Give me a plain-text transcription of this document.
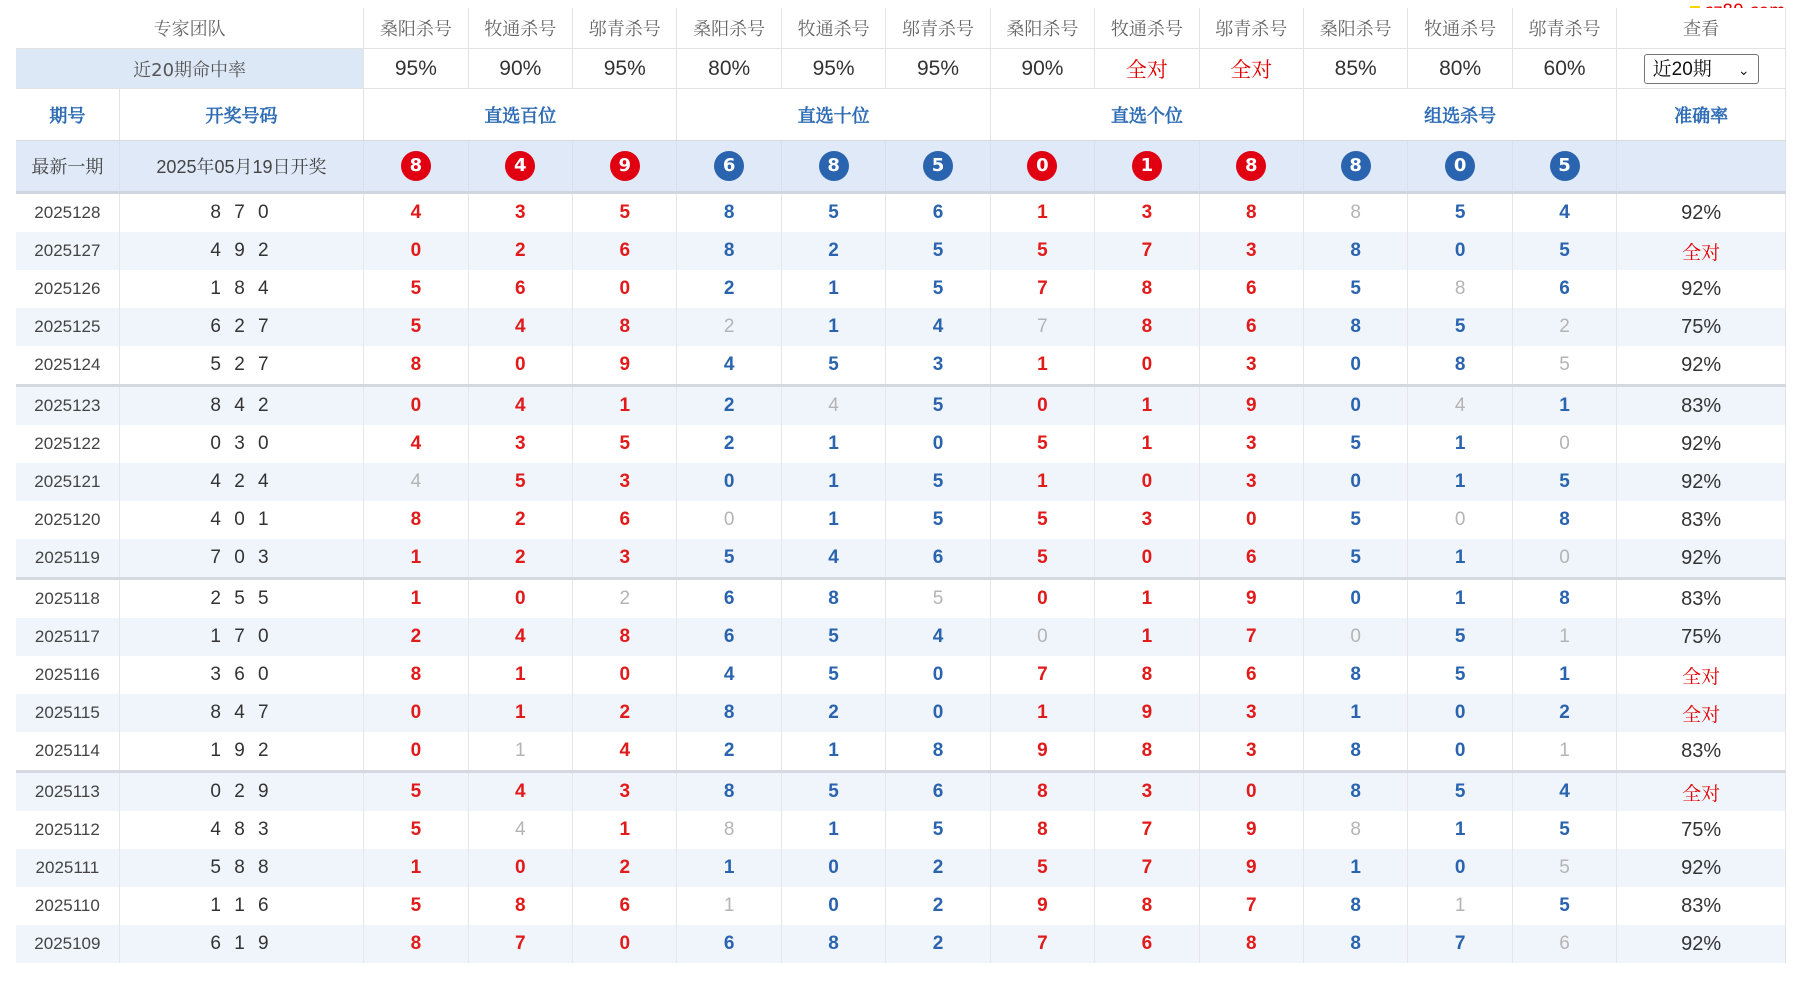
专家团队		桑阳杀号	牧通杀号	邬青杀号	桑阳杀号	牧通杀号	邬青杀号	桑阳杀号	牧通杀号	邬青杀号	桑阳杀号	牧通杀号	邬青杀号	查看
近20期命中率		95%	90%	95%	80%	95%	95%	90%	全对	全对	85%	80%	60%	近20期 ⌄

期号	开奖号码	直选百位			直选十位			直选个位			组选杀号			准确率
最新一期	2025年05月19日开奖	8	4	9	6	8	5	0	1	8	8	0	5	
2025128	8 7 0	4	3	5	8	5	6	1	3	8	8	5	4	92%
2025127	4 9 2	0	2	6	8	2	5	5	7	3	8	0	5	全对
2025126	1 8 4	5	6	0	2	1	5	7	8	6	5	8	6	92%
2025125	6 2 7	5	4	8	2	1	4	7	8	6	8	5	2	75%
2025124	5 2 7	8	0	9	4	5	3	1	0	3	0	8	5	92%
2025123	8 4 2	0	4	1	2	4	5	0	1	9	0	4	1	83%
2025122	0 3 0	4	3	5	2	1	0	5	1	3	5	1	0	92%
2025121	4 2 4	4	5	3	0	1	5	1	0	3	0	1	5	92%
2025120	4 0 1	8	2	6	0	1	5	5	3	0	5	0	8	83%
2025119	7 0 3	1	2	3	5	4	6	5	0	6	5	1	0	92%
2025118	2 5 5	1	0	2	6	8	5	0	1	9	0	1	8	83%
2025117	1 7 0	2	4	8	6	5	4	0	1	7	0	5	1	75%
2025116	3 6 0	8	1	0	4	5	0	7	8	6	8	5	1	全对
2025115	8 4 7	0	1	2	8	2	0	1	9	3	1	0	2	全对
2025114	1 9 2	0	1	4	2	1	8	9	8	3	8	0	1	83%
2025113	0 2 9	5	4	3	8	5	6	8	3	0	8	5	4	全对
2025112	4 8 3	5	4	1	8	1	5	8	7	9	8	1	5	75%
2025111	5 8 8	1	0	2	1	0	2	5	7	9	1	0	5	92%
2025110	1 1 6	5	8	6	1	0	2	9	8	7	8	1	5	83%
2025109	6 1 9	8	7	0	6	8	2	7	6	8	8	7	6	92%
